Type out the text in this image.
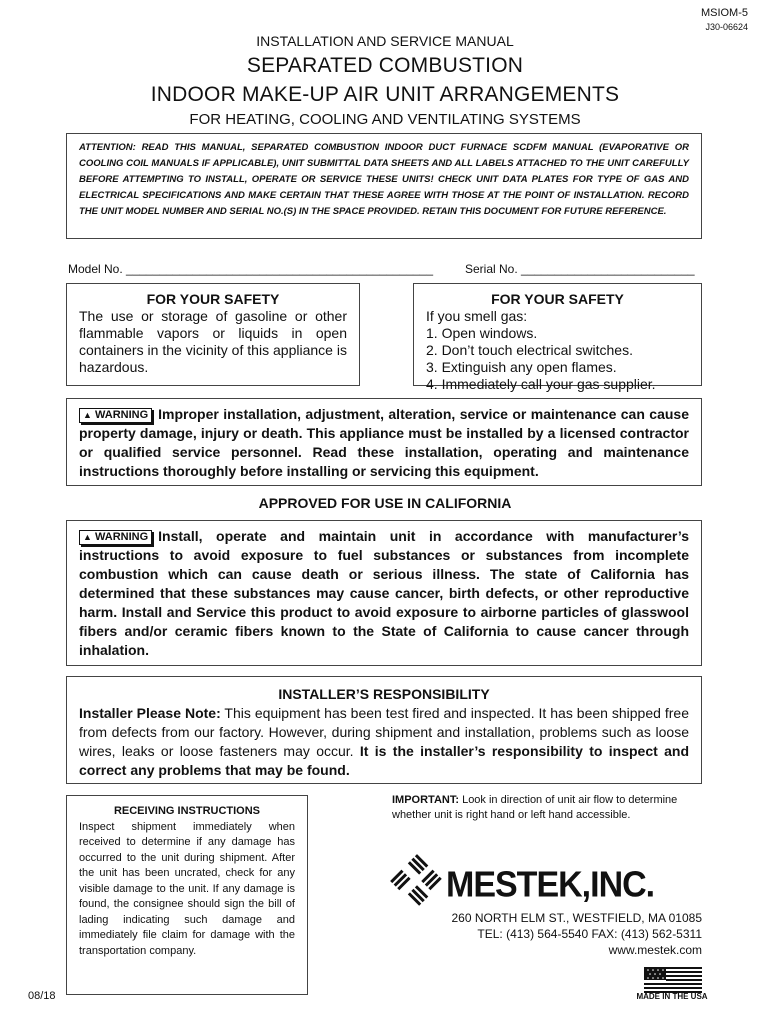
MSIOM-5
J30-06624
INSTALLATION AND SERVICE MANUAL
SEPARATED COMBUSTION
INDOOR MAKE-UP AIR UNIT ARRANGEMENTS
FOR HEATING, COOLING AND VENTILATING SYSTEMS
ATTENTION: READ THIS MANUAL, SEPARATED COMBUSTION INDOOR DUCT FURNACE SCDFM MANUAL (EVAPORATIVE OR COOLING COIL MANUALS IF APPLICABLE), UNIT SUBMITTAL DATA SHEETS AND ALL LABELS ATTACHED TO THE UNIT CAREFULLY BEFORE ATTEMPTING TO INSTALL, OPERATE OR SERVICE THESE UNITS! CHECK UNIT DATA PLATES FOR TYPE OF GAS AND ELECTRICAL SPECIFICATIONS AND MAKE CERTAIN THAT THESE AGREE WITH THOSE AT THE POINT OF INSTALLATION. RECORD THE UNIT MODEL NUMBER AND SERIAL NO.(S) IN THE SPACE PROVIDED. RETAIN THIS DOCUMENT FOR FUTURE REFERENCE.
Model No. ______________________________________________	Serial No. __________________________
FOR YOUR SAFETY
The use or storage of gasoline or other flammable vapors or liquids in open containers in the vicinity of this appliance is hazardous.
FOR YOUR SAFETY
If you smell gas:
1. Open windows.
2. Don’t touch electrical switches.
3. Extinguish any open flames.
4. Immediately call your gas supplier.
▲ WARNING Improper installation, adjustment, alteration, service or maintenance can cause property damage, injury or death. This appliance must be installed by a licensed contractor or qualified service personnel. Read these installation, operating and maintenance instructions thoroughly before installing or servicing this equipment.
APPROVED FOR USE IN CALIFORNIA
▲ WARNING Install, operate and maintain unit in accordance with manufacturer’s instructions to avoid exposure to fuel substances or substances from incomplete combustion which can cause death or serious illness. The state of California has determined that these substances may cause cancer, birth defects, or other reproductive harm. Install and Service this product to avoid exposure to airborne particles of glasswool fibers and/or ceramic fibers known to the State of California to cause cancer through inhalation.
INSTALLER’S RESPONSIBILITY
Installer Please Note: This equipment has been test fired and inspected. It has been shipped free from defects from our factory. However, during shipment and installation, problems such as loose wires, leaks or loose fasteners may occur. It is the installer’s responsibility to inspect and correct any problems that may be found.
RECEIVING INSTRUCTIONS
Inspect shipment immediately when received to determine if any damage has occurred to the unit during shipment. After the unit has been uncrated, check for any visible damage to the unit. If any damage is found, the consignee should sign the bill of lading indicating such damage and immediately file claim for damage with the transportation company.
IMPORTANT: Look in direction of unit air flow to determine whether unit is right hand or left hand accessible.
MESTEK,INC.
260 NORTH ELM ST., WESTFIELD, MA 01085
TEL: (413) 564-5540 FAX: (413) 562-5311
www.mestek.com
08/18	MADE IN THE USA
